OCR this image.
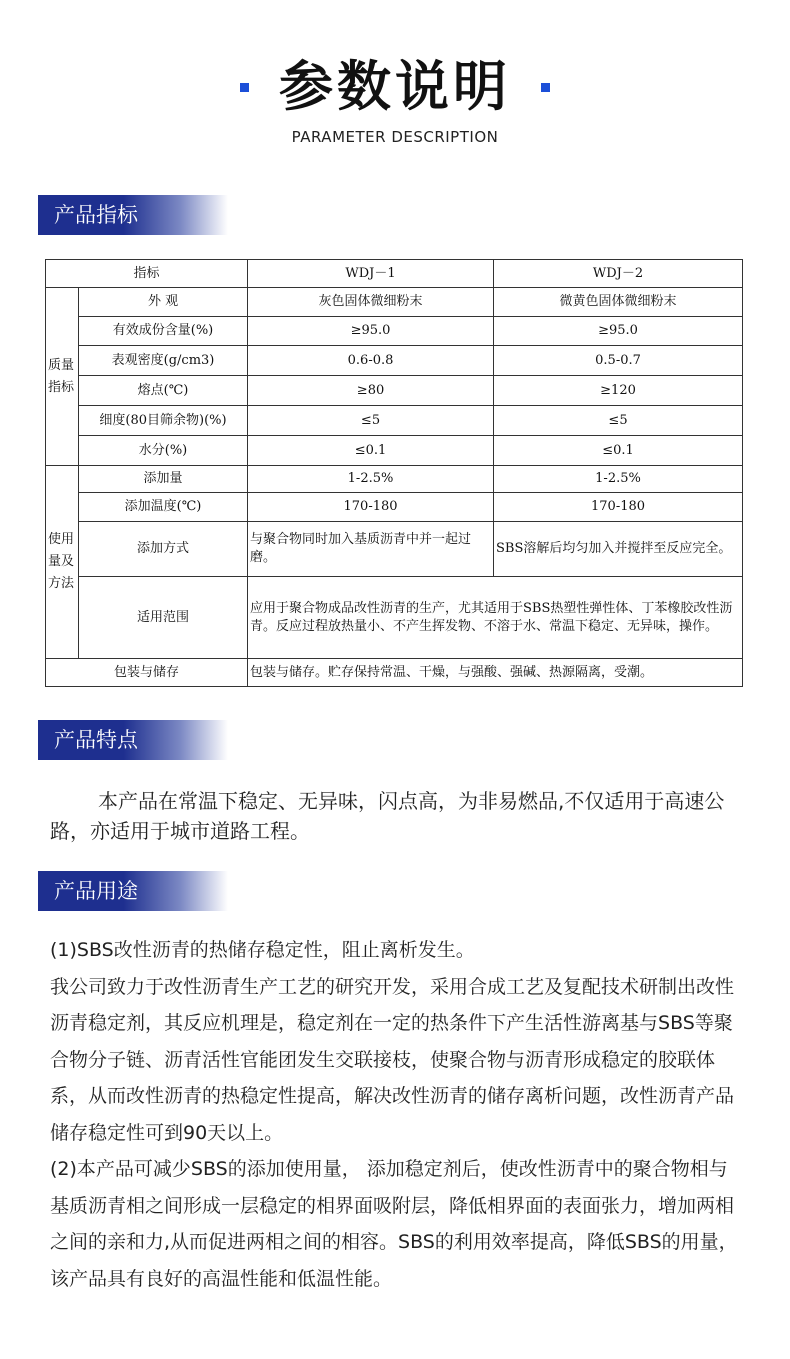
参数说明
PARAMETER DESCRIPTION
产品指标
指标		WDJ－1	WDJ－2
质量指标	外 观	灰色固体微细粉末	微黄色固体微细粉末
	有效成份含量(%)	≥95.0	≥95.0
	表观密度(g/cm3)	0.6-0.8	0.5-0.7
	熔点(℃)	≥80	≥120
	细度(80目筛余物)(%)	≤5	≤5
	水分(%)	≤0.1	≤0.1
使用量及方法	添加量	1-2.5%	1-2.5%
	添加温度(℃)	170-180	170-180
	添加方式	与聚合物同时加入基质沥青中并一起过磨。	SBS溶解后均匀加入并搅拌至反应完全。
	适用范围	应用于聚合物成品改性沥青的生产，尤其适用于SBS热塑性弹性体、丁苯橡胶改性沥青。反应过程放热量小、不产生挥发物、不溶于水、常温下稳定、无异味，操作。	
包装与储存		包装与储存。贮存保持常温、干燥，与强酸、强碱、热源隔离，受潮。	
产品特点
本产品在常温下稳定、无异味，闪点高，为非易燃品,不仅适用于高速公路，亦适用于城市道路工程。
产品用途

(1)SBS改性沥青的热储存稳定性，阻止离析发生。

我公司致力于改性沥青生产工艺的研究开发，采用合成工艺及复配技术研制出改性沥青稳定剂，其反应机理是，稳定剂在一定的热条件下产生活性游离基与SBS等聚合物分子链、沥青活性官能团发生交联接枝，使聚合物与沥青形成稳定的胶联体系，从而改性沥青的热稳定性提高，解决改性沥青的储存离析问题，改性沥青产品储存稳定性可到90天以上。

(2)本产品可减少SBS的添加使用量， 添加稳定剂后，使改性沥青中的聚合物相与基质沥青相之间形成一层稳定的相界面吸附层，降低相界面的表面张力，增加两相之间的亲和力,从而促进两相之间的相容。SBS的利用效率提高，降低SBS的用量，该产品具有良好的高温性能和低温性能。
